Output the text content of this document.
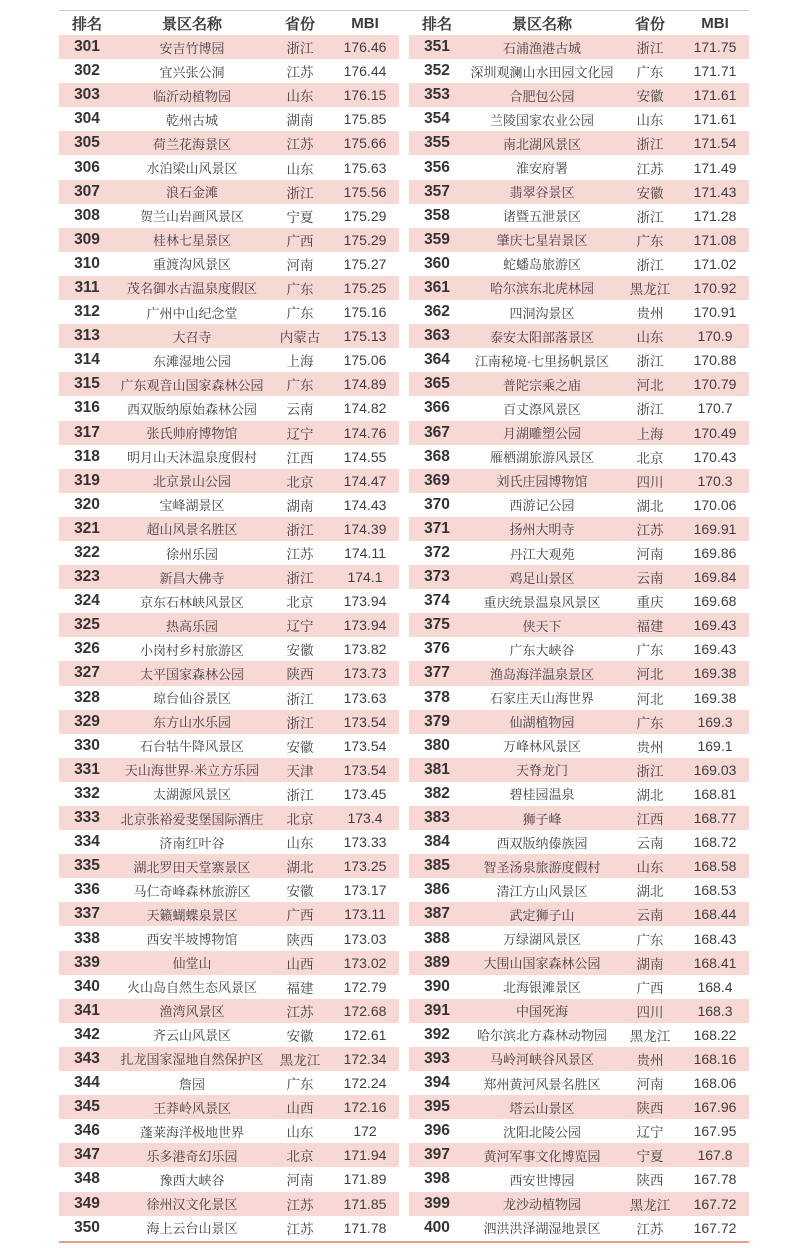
排名	景区名称	省份	MBI
301	安吉竹博园	浙江	176.46
302	宜兴张公洞	江苏	176.44
303	临沂动植物园	山东	176.15
304	乾州古城	湖南	175.85
305	荷兰花海景区	江苏	175.66
306	水泊梁山风景区	山东	175.63
307	浪石金滩	浙江	175.56
308	贺兰山岩画风景区	宁夏	175.29
309	桂林七星景区	广西	175.29
310	重渡沟风景区	河南	175.27
311	茂名御水古温泉度假区	广东	175.25
312	广州中山纪念堂	广东	175.16
313	大召寺	内蒙古	175.13
314	东滩湿地公园	上海	175.06
315	广东观音山国家森林公园	广东	174.89
316	西双版纳原始森林公园	云南	174.82
317	张氏帅府博物馆	辽宁	174.76
318	明月山天沐温泉度假村	江西	174.55
319	北京景山公园	北京	174.47
320	宝峰湖景区	湖南	174.43
321	超山风景名胜区	浙江	174.39
322	徐州乐园	江苏	174.11
323	新昌大佛寺	浙江	174.1
324	京东石林峡风景区	北京	173.94
325	热高乐园	辽宁	173.94
326	小岗村乡村旅游区	安徽	173.82
327	太平国家森林公园	陕西	173.73
328	琼台仙谷景区	浙江	173.63
329	东方山水乐园	浙江	173.54
330	石台牯牛降风景区	安徽	173.54
331	天山海世界·米立方乐园	天津	173.54
332	太湖源风景区	浙江	173.45
333	北京张裕爱斐堡国际酒庄	北京	173.4
334	济南红叶谷	山东	173.33
335	湖北罗田天堂寨景区	湖北	173.25
336	马仁奇峰森林旅游区	安徽	173.17
337	天籁蝴蝶泉景区	广西	173.11
338	西安半坡博物馆	陕西	173.03
339	仙堂山	山西	173.02
340	火山岛自然生态风景区	福建	172.79
341	渔湾风景区	江苏	172.68
342	齐云山风景区	安徽	172.61
343	扎龙国家湿地自然保护区	黑龙江	172.34
344	詹园	广东	172.24
345	王莽岭风景区	山西	172.16
346	蓬莱海洋极地世界	山东	172
347	乐多港奇幻乐园	北京	171.94
348	豫西大峡谷	河南	171.89
349	徐州汉文化景区	江苏	171.85
350	海上云台山景区	江苏	171.78
排名	景区名称	省份	MBI
351	石浦渔港古城	浙江	171.75
352	深圳观澜山水田园文化园	广东	171.71
353	合肥包公园	安徽	171.61
354	兰陵国家农业公园	山东	171.61
355	南北湖风景区	浙江	171.54
356	淮安府署	江苏	171.49
357	翡翠谷景区	安徽	171.43
358	诸暨五泄景区	浙江	171.28
359	肇庆七星岩景区	广东	171.08
360	蛇蟠岛旅游区	浙江	171.02
361	哈尔滨东北虎林园	黑龙江	170.92
362	四洞沟景区	贵州	170.91
363	泰安太阳部落景区	山东	170.9
364	江南秘境·七里扬帆景区	浙江	170.88
365	普陀宗乘之庙	河北	170.79
366	百丈漈风景区	浙江	170.7
367	月湖雕塑公园	上海	170.49
368	雁栖湖旅游风景区	北京	170.43
369	刘氏庄园博物馆	四川	170.3
370	西游记公园	湖北	170.06
371	扬州大明寺	江苏	169.91
372	丹江大观苑	河南	169.86
373	鸡足山景区	云南	169.84
374	重庆统景温泉风景区	重庆	169.68
375	侠天下	福建	169.43
376	广东大峡谷	广东	169.43
377	渔岛海洋温泉景区	河北	169.38
378	石家庄天山海世界	河北	169.38
379	仙湖植物园	广东	169.3
380	万峰林风景区	贵州	169.1
381	天脊龙门	浙江	169.03
382	碧桂园温泉	湖北	168.81
383	狮子峰	江西	168.77
384	西双版纳傣族园	云南	168.72
385	智圣汤泉旅游度假村	山东	168.58
386	清江方山风景区	湖北	168.53
387	武定狮子山	云南	168.44
388	万绿湖风景区	广东	168.43
389	大围山国家森林公园	湖南	168.41
390	北海银滩景区	广西	168.4
391	中国死海	四川	168.3
392	哈尔滨北方森林动物园	黑龙江	168.22
393	马岭河峡谷风景区	贵州	168.16
394	郑州黄河风景名胜区	河南	168.06
395	塔云山景区	陕西	167.96
396	沈阳北陵公园	辽宁	167.95
397	黄河军事文化博览园	宁夏	167.8
398	西安世博园	陕西	167.78
399	龙沙动植物园	黑龙江	167.72
400	泗洪洪泽湖湿地景区	江苏	167.72
